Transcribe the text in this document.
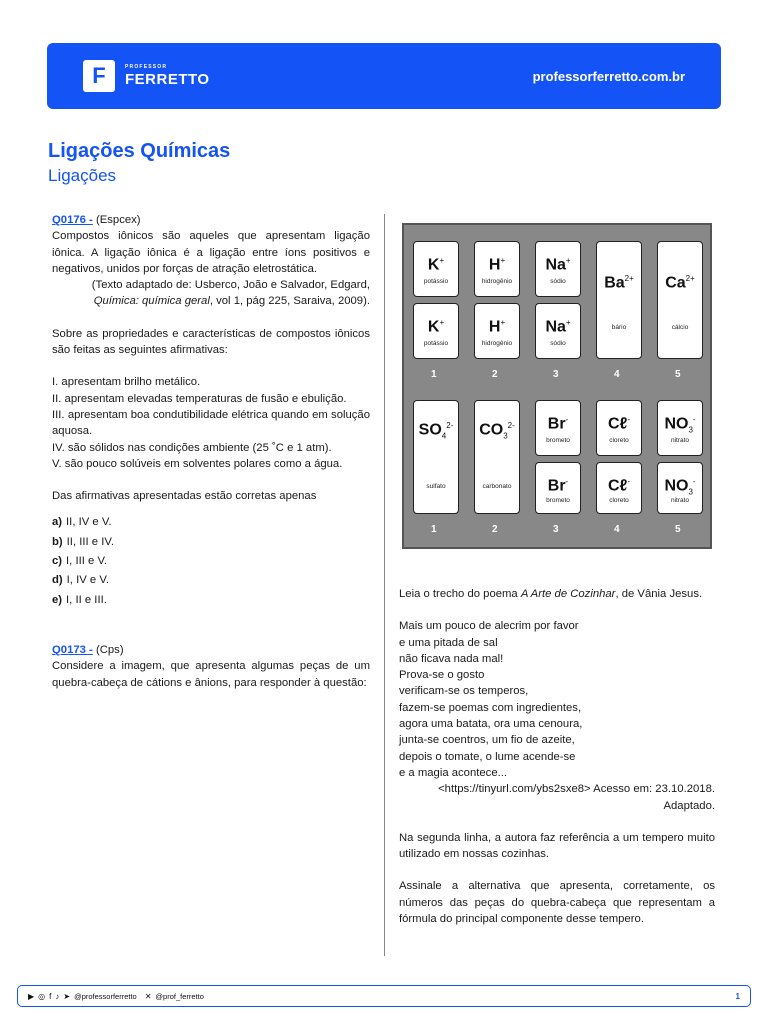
F	PROFESSOR
FERRETTO	professorferretto.com.br
Ligações Químicas
Ligações
Q0176 - (Espcex)
Compostos iônicos são aqueles que apresentam ligação iônica. A ligação iônica é a ligação entre íons positivos e negativos, unidos por forças de atração eletrostática.
(Texto adaptado de: Usberco, João e Salvador, Edgard, Química: química geral, vol 1, pág 225, Saraiva, 2009).
Sobre as propriedades e características de compostos iônicos são feitas as seguintes afirmativas:
I. apresentam brilho metálico.
II. apresentam elevadas temperaturas de fusão e ebulição.
III. apresentam boa condutibilidade elétrica quando em solução aquosa.
IV. são sólidos nas condições ambiente (25 ˚C e 1 atm).
V. são pouco solúveis em solventes polares como a água.
Das afirmativas apresentadas estão corretas apenas
a) II, IV e V.
b) II, III e IV.
c) I, III e V.
d) I, IV e V.
e) I, II e III.
Q0173 - (Cps)
Considere a imagem, que apresenta algumas peças de um quebra-cabeça de cátions e ânions, para responder à questão:
K+
potássio
H+
hidrogênio
Na+
sódio	$Ba^{2+}$
bário
$Ca^{2+}$
cálcio
K+
potássio
H+
hidrogênio
Na+
sódio
$SO_4^{2-}$
sulfato
$CO_3^{2-}$
carbonato
Br-
brometo
Cℓ-
cloreto
$NO_3^-$
nitrato
Br-
brometo
Cℓ-
cloreto
$NO_3^-$
nitrato
1
1
2
2
3
3
4
4
5
5
Leia o trecho do poema A Arte de Cozinhar, de Vânia Jesus.
Mais um pouco de alecrim por favor
e uma pitada de sal
não ficava nada mal!
Prova-se o gosto
verificam-se os temperos,
fazem-se poemas com ingredientes,
agora uma batata, ora uma cenoura,
junta-se coentros, um fio de azeite,
depois o tomate, o lume acende-se
e a magia acontece...
<https://tinyurl.com/ybs2sxe8> Acesso em: 23.10.2018.
Adaptado.
Na segunda linha, a autora faz referência a um tempero muito utilizado em nossas cozinhas.
Assinale a alternativa que apresenta, corretamente, os números das peças do quebra-cabeça que representam a fórmula do principal componente desse tempero.
▶ ◎ f ♪ ➤ @professorferretto ✕ @prof_ferretto	1
